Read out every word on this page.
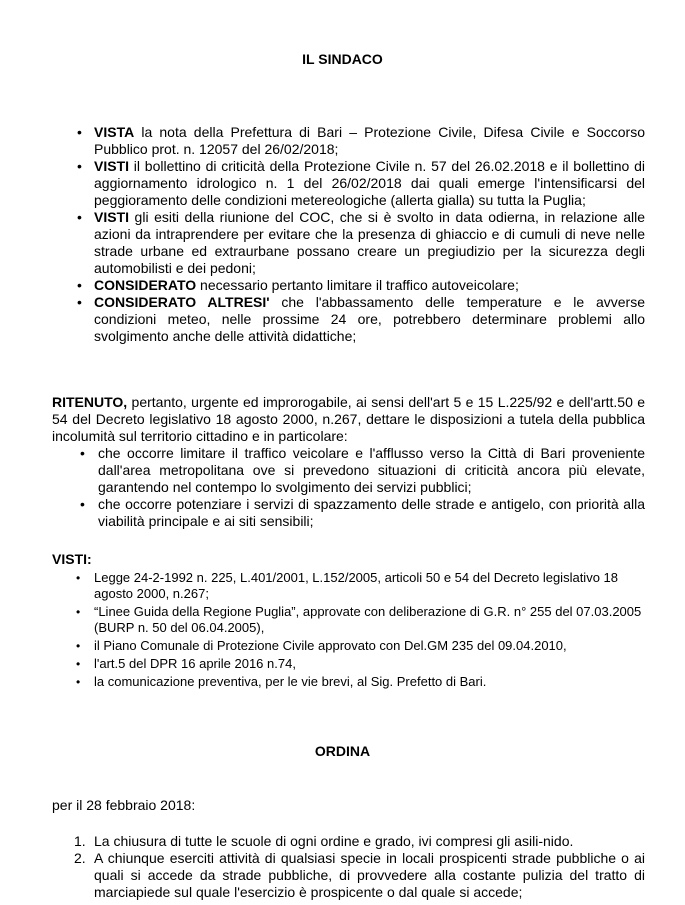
IL SINDACO
• VISTA la nota della Prefettura di Bari – Protezione Civile, Difesa Civile e Soccorso Pubblico prot. n. 12057 del 26/02/2018;
• VISTI il bollettino di criticità della Protezione Civile n. 57 del 26.02.2018 e il bollettino di aggiornamento idrologico n. 1 del 26/02/2018 dai quali emerge l'intensificarsi del peggioramento delle condizioni metereologiche (allerta gialla) su tutta la Puglia;
• VISTI gli esiti della riunione del COC, che si è svolto in data odierna, in relazione alle azioni da intraprendere per evitare che la presenza di ghiaccio e di cumuli di neve nelle strade urbane ed extraurbane possano creare un pregiudizio per la sicurezza degli automobilisti e dei pedoni;
• CONSIDERATO necessario pertanto limitare il traffico autoveicolare;
• CONSIDERATO ALTRESI' che l'abbassamento delle temperature e le avverse condizioni meteo, nelle prossime 24 ore, potrebbero determinare problemi allo svolgimento anche delle attività didattiche;
RITENUTO, pertanto, urgente ed improrogabile, ai sensi dell'art 5 e 15 L.225/92 e dell'artt.50 e 54 del Decreto legislativo 18 agosto 2000, n.267, dettare le disposizioni a tutela della pubblica incolumità sul territorio cittadino e in particolare:
• che occorre limitare il traffico veicolare e l'afflusso verso la Città di Bari proveniente dall'area metropolitana ove si prevedono situazioni di criticità ancora più elevate, garantendo nel contempo lo svolgimento dei servizi pubblici;
• che occorre potenziare i servizi di spazzamento delle strade e antigelo, con priorità alla viabilità principale e ai siti sensibili;
VISTI:
• Legge 24-2-1992 n. 225, L.401/2001, L.152/2005, articoli 50 e 54 del Decreto legislativo 18 agosto 2000, n.267;
• “Linee Guida della Regione Puglia”, approvate con deliberazione di G.R. n° 255 del 07.03.2005 (BURP n. 50 del 06.04.2005),
• il Piano Comunale di Protezione Civile approvato con Del.GM 235 del 09.04.2010,
• l'art.5 del DPR 16 aprile 2016 n.74,
• la comunicazione preventiva, per le vie brevi, al Sig. Prefetto di Bari.
ORDINA
per il 28 febbraio 2018:
1. La chiusura di tutte le scuole di ogni ordine e grado, ivi compresi gli asili-nido.
2. A chiunque eserciti attività di qualsiasi specie in locali prospicenti strade pubbliche o ai quali si accede da strade pubbliche, di provvedere alla costante pulizia del tratto di marciapiede sul quale l'esercizio è prospicente o dal quale si accede;
